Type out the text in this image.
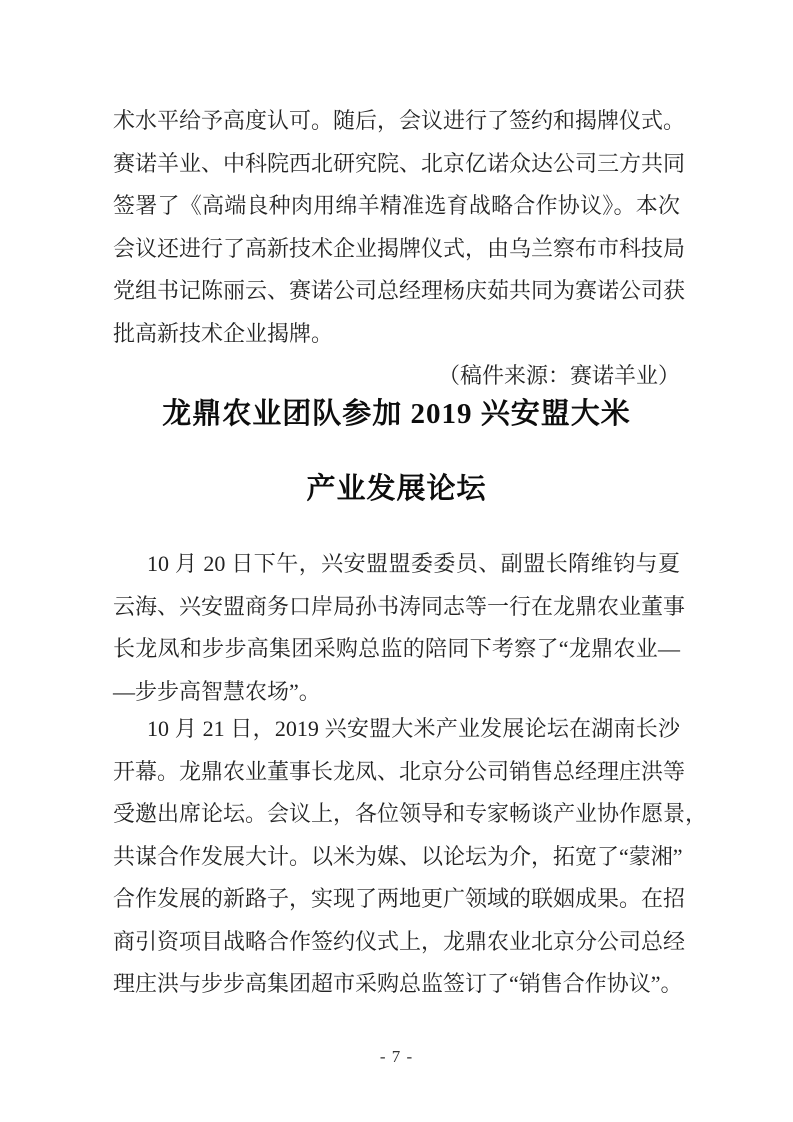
术水平给予高度认可。随后，会议进行了签约和揭牌仪式。
赛诺羊业、中科院西北研究院、北京亿诺众达公司三方共同
签署了《高端良种肉用绵羊精准选育战略合作协议》。本次
会议还进行了高新技术企业揭牌仪式，由乌兰察布市科技局
党组书记陈丽云、赛诺公司总经理杨庆茹共同为赛诺公司获
批高新技术企业揭牌。
（稿件来源：赛诺羊业）
龙鼎农业团队参加 2019 兴安盟大米
产业发展论坛
10 月 20 日下午，兴安盟盟委委员、副盟长隋维钧与夏
云海、兴安盟商务口岸局孙书涛同志等一行在龙鼎农业董事
长龙凤和步步高集团采购总监的陪同下考察了“龙鼎农业—
—步步高智慧农场”。
10 月 21 日，2019 兴安盟大米产业发展论坛在湖南长沙
开幕。龙鼎农业董事长龙凤、北京分公司销售总经理庄洪等
受邀出席论坛。会议上，各位领导和专家畅谈产业协作愿景，
共谋合作发展大计。以米为媒、以论坛为介，拓宽了“蒙湘”
合作发展的新路子，实现了两地更广领域的联姻成果。在招
商引资项目战略合作签约仪式上，龙鼎农业北京分公司总经
理庄洪与步步高集团超市采购总监签订了“销售合作协议”。
- 7 -
